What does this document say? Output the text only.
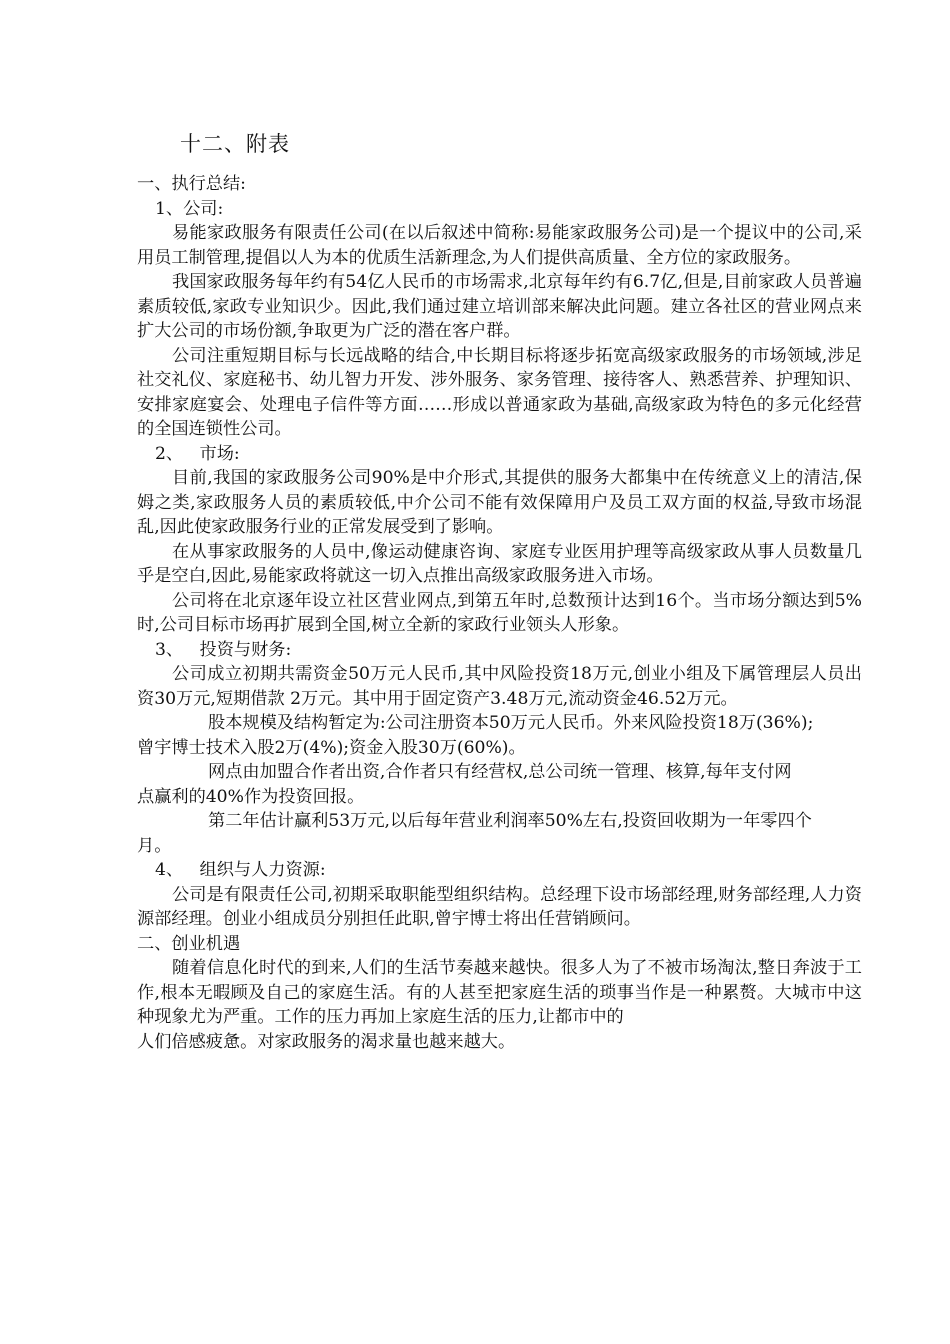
十二、附表

一、执行总结:

1、公司:

易能家政服务有限责任公司(在以后叙述中简称:易能家政服务公司)是一个提议中的公司,采用员工制管理,提倡以人为本的优质生活新理念,为人们提供高质量、全方位的家政服务。

我国家政服务每年约有54亿人民币的市场需求,北京每年约有6.7亿,但是,目前家政人员普遍素质较低,家政专业知识少。因此,我们通过建立培训部来解决此问题。建立各社区的营业网点来扩大公司的市场份额,争取更为广泛的潜在客户群。

公司注重短期目标与长远战略的结合,中长期目标将逐步拓宽高级家政服务的市场领域,涉足社交礼仪、家庭秘书、幼儿智力开发、涉外服务、家务管理、接待客人、熟悉营养、护理知识、安排家庭宴会、处理电子信件等方面……形成以普通家政为基础,高级家政为特色的多元化经营的全国连锁性公司。

2、   市场:

目前,我国的家政服务公司90%是中介形式,其提供的服务大都集中在传统意义上的清洁,保姆之类,家政服务人员的素质较低,中介公司不能有效保障用户及员工双方面的权益,导致市场混乱,因此使家政服务行业的正常发展受到了影响。

在从事家政服务的人员中,像运动健康咨询、家庭专业医用护理等高级家政从事人员数量几乎是空白,因此,易能家政将就这一切入点推出高级家政服务进入市场。

公司将在北京逐年设立社区营业网点,到第五年时,总数预计达到16个。当市场分额达到5%时,公司目标市场再扩展到全国,树立全新的家政行业领头人形象。

3、   投资与财务:

公司成立初期共需资金50万元人民币,其中风险投资18万元,创业小组及下属管理层人员出资30万元,短期借款 2万元。其中用于固定资产3.48万元,流动资金46.52万元。

股本规模及结构暂定为:公司注册资本50万元人民币。外来风险投资18万(36%);

曾宇博士技术入股2万(4%);资金入股30万(60%)。

网点由加盟合作者出资,合作者只有经营权,总公司统一管理、核算,每年支付网

点赢利的40%作为投资回报。

第二年估计赢利53万元,以后每年营业利润率50%左右,投资回收期为一年零四个

月。

4、   组织与人力资源:

公司是有限责任公司,初期采取职能型组织结构。总经理下设市场部经理,财务部经理,人力资源部经理。创业小组成员分别担任此职,曾宇博士将出任营销顾问。

二、创业机遇

随着信息化时代的到来,人们的生活节奏越来越快。很多人为了不被市场淘汰,整日奔波于工作,根本无暇顾及自己的家庭生活。有的人甚至把家庭生活的琐事当作是一种累赘。大城市中这种现象尤为严重。工作的压力再加上家庭生活的压力,让都市中的

人们倍感疲惫。对家政服务的渴求量也越来越大。
